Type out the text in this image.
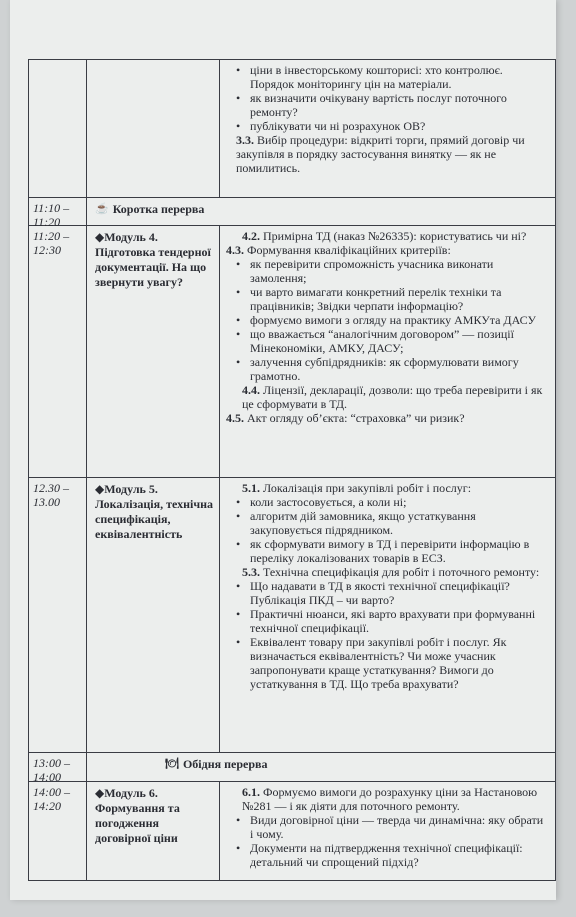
• ціни в інвесторському кошторисі: хто контролює. Порядок моніторингу цін на матеріали.
• як визначити очікувану вартість послуг поточного ремонту?
• публікувати чи ні розрахунок ОВ?
3.3. Вибір процедури: відкриті торги, прямий договір чи закупівля в порядку застосування винятку — як не помилитись.
11:10 – 11:20
☕ Коротка перерва
11:20 – 12:30
◆Модуль 4. Підготовка тендерної документації. На що звернути увагу?
4.2. Примірна ТД (наказ №26335): користуватись чи ні?
4.3. Формування кваліфікаційних критеріїв:
• як перевірити спроможність учасника виконати замолення;
• чи варто вимагати конкретний перелік техніки та працівників; Звідки черпати інформацію?
• формуємо вимоги з огляду на практику АМКУта ДАСУ
• що вважається “аналогічним договором” — позиції Мінекономіки, АМКУ, ДАСУ;
• залучення субпідрядників: як сформулювати вимогу грамотно.
4.4. Ліцензії, декларації, дозволи: що треба перевірити і як це сформувати в ТД.
4.5. Акт огляду об’єкта: “страховка” чи ризик?
12.30 – 13.00
◆Модуль 5. Локалізація, технічна специфікація, еквівалентність
5.1. Локалізація при закупівлі робіт і послуг:
• коли застосовується, а коли ні;
• алгоритм дій замовника, якщо устаткування закуповується підрядником.
• як сформувати вимогу в ТД і перевірити інформацію в переліку локалізованих товарів в ЕСЗ.
5.3. Технічна специфікація для робіт і поточного ремонту:
• Що надавати в ТД в якості технічної специфікації? Публікація ПКД – чи варто?
• Практичні нюанси, які варто врахувати при формуванні технічної специфікації.
• Еквівалент товару при закупівлі робіт і послуг. Як визначається еквівалентність? Чи може учасник запропонувати краще устаткування? Вимоги до устаткування в ТД. Що треба врахувати?
13:00 – 14:00
🍽 Обідня перерва
14:00 – 14:20
◆Модуль 6. Формування та погодження договірної ціни
6.1. Формуємо вимоги до розрахунку ціни за Настановою №281 — і як діяти для поточного ремонту.
• Види договірної ціни — тверда чи динамічна: яку обрати і чому.
• Документи на підтвердження технічної специфікації: детальний чи спрощений підхід?
